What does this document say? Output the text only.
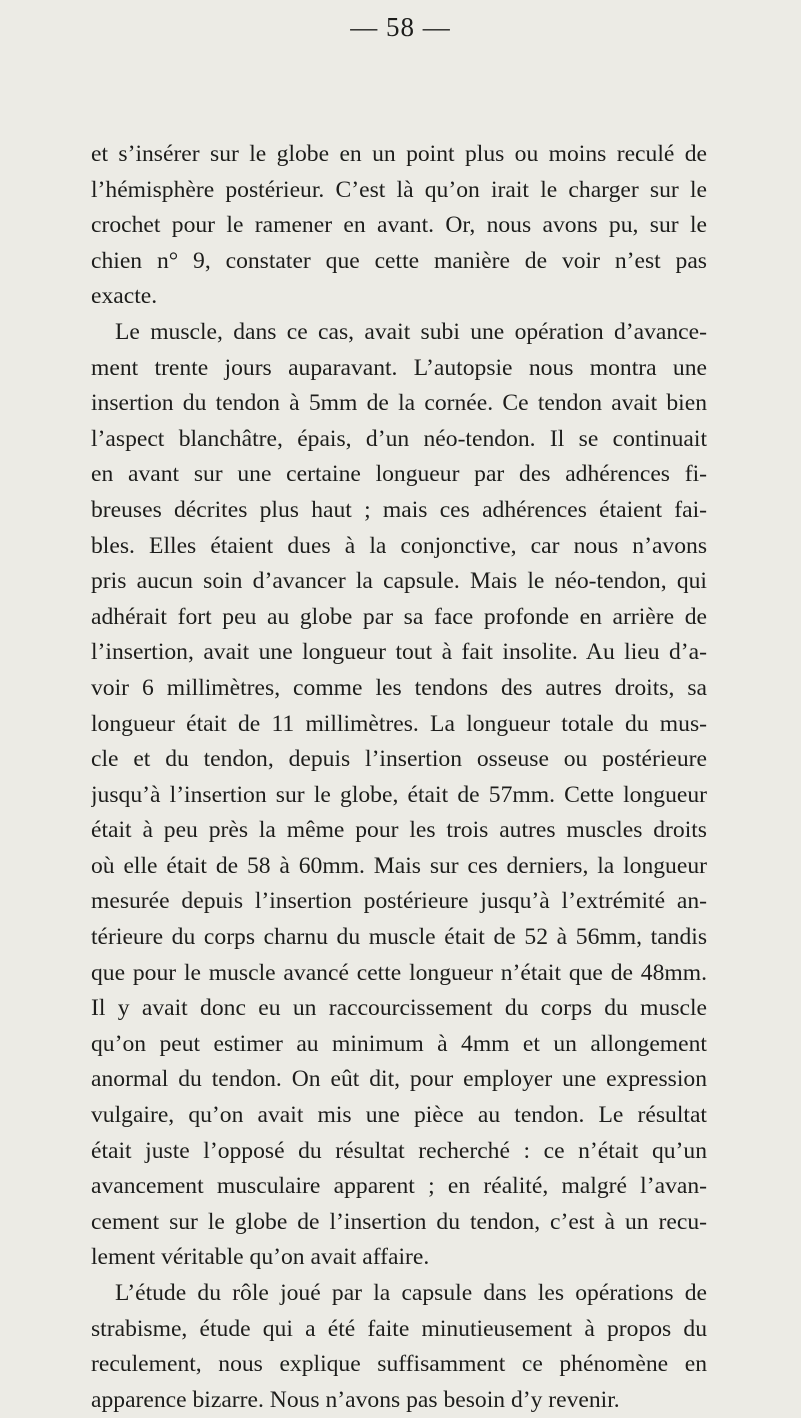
— 58 —
et s’insérer sur le globe en un point plus ou moins reculé de
l’hémisphère postérieur. C’est là qu’on irait le charger sur le
crochet pour le ramener en avant. Or, nous avons pu, sur le
chien n° 9, constater que cette manière de voir n’est pas
exacte.
Le muscle, dans ce cas, avait subi une opération d’avance-
ment trente jours auparavant. L’autopsie nous montra une
insertion du tendon à 5mm de la cornée. Ce tendon avait bien
l’aspect blanchâtre, épais, d’un néo-tendon. Il se continuait
en avant sur une certaine longueur par des adhérences fi-
breuses décrites plus haut ; mais ces adhérences étaient fai-
bles. Elles étaient dues à la conjonctive, car nous n’avons
pris aucun soin d’avancer la capsule. Mais le néo-tendon, qui
adhérait fort peu au globe par sa face profonde en arrière de
l’insertion, avait une longueur tout à fait insolite. Au lieu d’a-
voir 6 millimètres, comme les tendons des autres droits, sa
longueur était de 11 millimètres. La longueur totale du mus-
cle et du tendon, depuis l’insertion osseuse ou postérieure
jusqu’à l’insertion sur le globe, était de 57mm. Cette longueur
était à peu près la même pour les trois autres muscles droits
où elle était de 58 à 60mm. Mais sur ces derniers, la longueur
mesurée depuis l’insertion postérieure jusqu’à l’extrémité an-
térieure du corps charnu du muscle était de 52 à 56mm, tandis
que pour le muscle avancé cette longueur n’était que de 48mm.
Il y avait donc eu un raccourcissement du corps du muscle
qu’on peut estimer au minimum à 4mm et un allongement
anormal du tendon. On eût dit, pour employer une expression
vulgaire, qu’on avait mis une pièce au tendon. Le résultat
était juste l’opposé du résultat recherché : ce n’était qu’un
avancement musculaire apparent ; en réalité, malgré l’avan-
cement sur le globe de l’insertion du tendon, c’est à un recu-
lement véritable qu’on avait affaire.
L’étude du rôle joué par la capsule dans les opérations de
strabisme, étude qui a été faite minutieusement à propos du
reculement, nous explique suffisamment ce phénomène en
apparence bizarre. Nous n’avons pas besoin d’y revenir.
